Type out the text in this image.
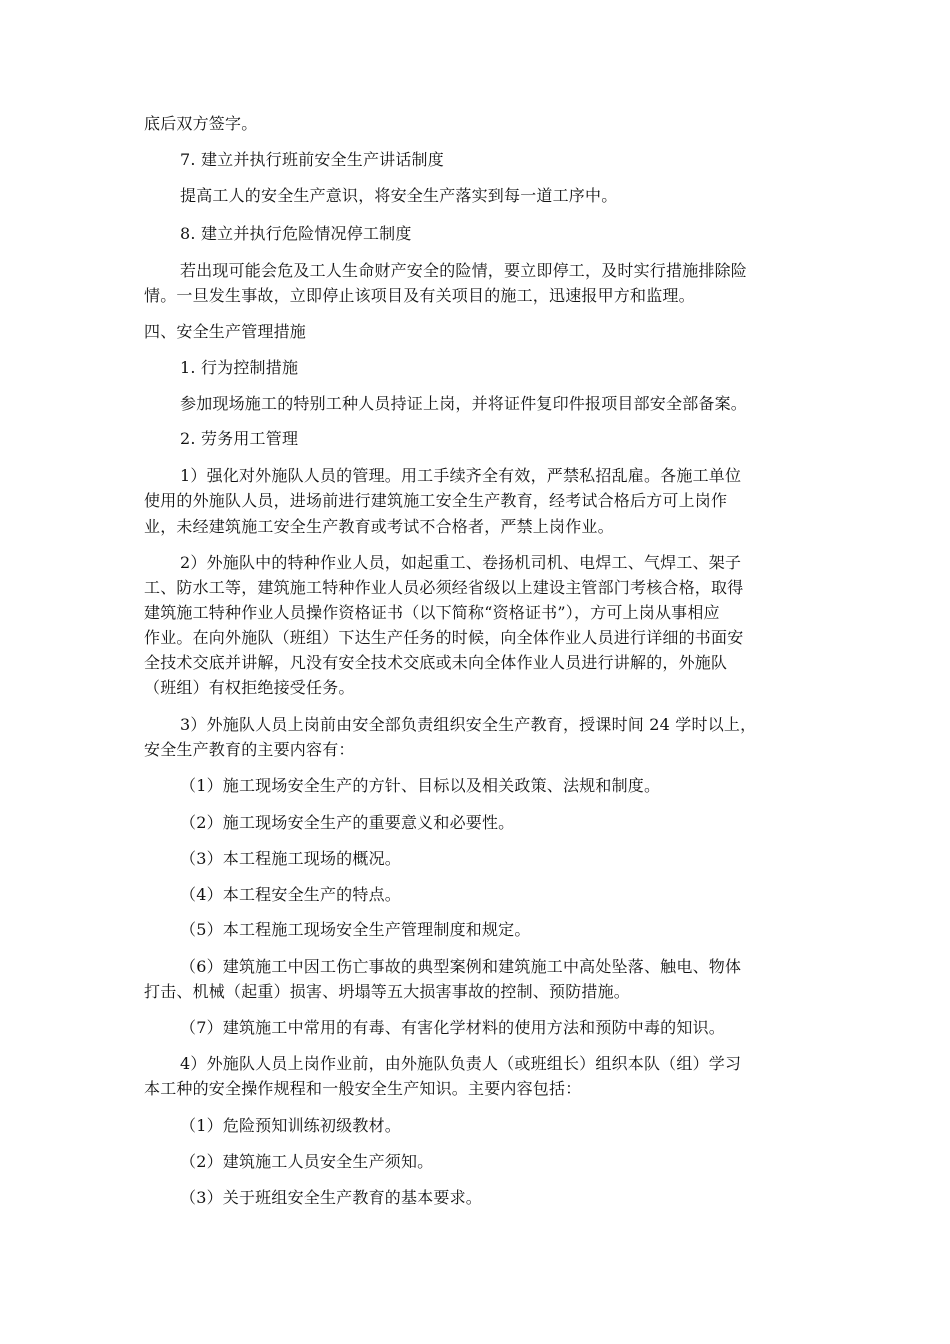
底后双方签字。
7. 建立并执行班前安全生产讲话制度
提高工人的安全生产意识，将安全生产落实到每一道工序中。
8. 建立并执行危险情况停工制度
若出现可能会危及工人生命财产安全的险情，要立即停工，及时实行措施排除险
情。一旦发生事故，立即停止该项目及有关项目的施工，迅速报甲方和监理。
四、安全生产管理措施
1. 行为控制措施
参加现场施工的特别工种人员持证上岗，并将证件复印件报项目部安全部备案。
2. 劳务用工管理
1）强化对外施队人员的管理。用工手续齐全有效，严禁私招乱雇。各施工单位
使用的外施队人员，进场前进行建筑施工安全生产教育，经考试合格后方可上岗作
业，未经建筑施工安全生产教育或考试不合格者，严禁上岗作业。
2）外施队中的特种作业人员，如起重工、卷扬机司机、电焊工、气焊工、架子
工、防水工等，建筑施工特种作业人员必须经省级以上建设主管部门考核合格，取得
建筑施工特种作业人员操作资格证书（以下简称“资格证书”），方可上岗从事相应
作业。在向外施队（班组）下达生产任务的时候，向全体作业人员进行详细的书面安
全技术交底并讲解，凡没有安全技术交底或未向全体作业人员进行讲解的，外施队
（班组）有权拒绝接受任务。
3）外施队人员上岗前由安全部负责组织安全生产教育，授课时间 24 学时以上，
安全生产教育的主要内容有：
（1）施工现场安全生产的方针、目标以及相关政策、法规和制度。
（2）施工现场安全生产的重要意义和必要性。
（3）本工程施工现场的概况。
（4）本工程安全生产的特点。
（5）本工程施工现场安全生产管理制度和规定。
（6）建筑施工中因工伤亡事故的典型案例和建筑施工中高处坠落、触电、物体
打击、机械（起重）损害、坍塌等五大损害事故的控制、预防措施。
（7）建筑施工中常用的有毒、有害化学材料的使用方法和预防中毒的知识。
4）外施队人员上岗作业前，由外施队负责人（或班组长）组织本队（组）学习
本工种的安全操作规程和一般安全生产知识。主要内容包括：
（1）危险预知训练初级教材。
（2）建筑施工人员安全生产须知。
（3）关于班组安全生产教育的基本要求。
